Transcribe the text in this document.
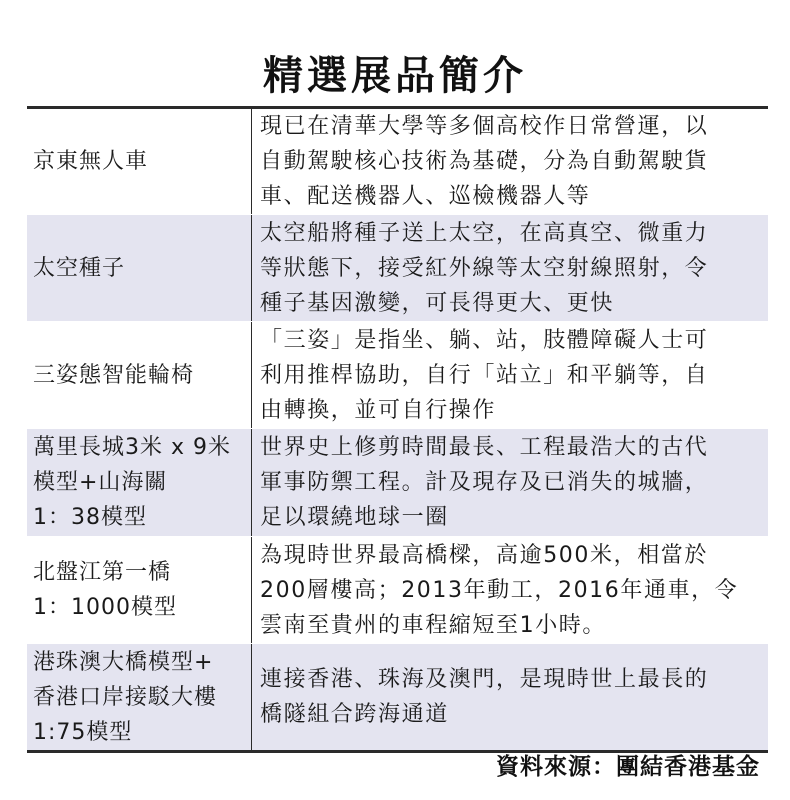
精選展品簡介
京東無人車
現已在清華大學等多個高校作日常營運，以
自動駕駛核心技術為基礎，分為自動駕駛貨
車、配送機器人、巡檢機器人等
太空種子
太空船將種子送上太空，在高真空、微重力
等狀態下，接受紅外線等太空射線照射，令
種子基因激變，可長得更大、更快
三姿態智能輪椅
「三姿」是指坐、躺、站，肢體障礙人士可
利用推桿協助，自行「站立」和平躺等，自
由轉換，並可自行操作
萬里長城3米 x 9米
模型+山海關
1：38模型
世界史上修剪時間最長、工程最浩大的古代
軍事防禦工程。計及現存及已消失的城牆，
足以環繞地球一圈
北盤江第一橋
1：1000模型
為現時世界最高橋樑，高逾500米，相當於
200層樓高；2013年動工，2016年通車，令
雲南至貴州的車程縮短至1小時。
港珠澳大橋模型+
香港口岸接駁大樓
1:75模型
連接香港、珠海及澳門，是現時世上最長的
橋隧組合跨海通道
資料來源：團結香港基金
